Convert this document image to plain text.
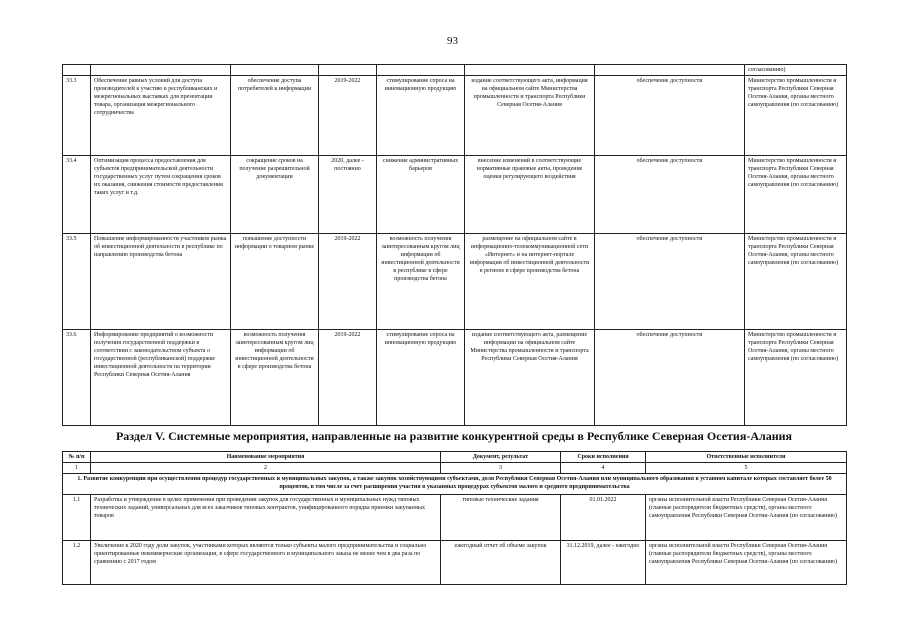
93
							согласованию)
33.3	Обеспечение равных условий для доступа производителей к участию в республиканских и межрегиональных выставках для презентации товара, организация межрегионального сотрудничества	обеспечение доступа потребителей к информации	2019-2022	стимулирование спроса на инновационную продукцию	издание соответствующего акта, информация на официальном сайте Министерства промышленности и транспорта Республики Северная Осетия-Алания	обеспечение доступности	Министерство промышленности и транспорта Республики Северная Осетия-Алания, органы местного самоуправления (по согласованию)
33.4	Оптимизация процесса предоставления для субъектов предпринимательской деятельности государственных услуг путем сокращения сроков их оказания, снижения стоимости предоставления таких услуг и т.д.	сокращение сроков на получение разрешительной документации	2020, далее - постоянно	снижение административных барьеров	внесение изменений в соответствующие нормативные правовые акты, проведение оценки регулирующего воздействия	обеспечение доступности	Министерство промышленности и транспорта Республики Северная Осетия-Алания, органы местного самоуправления (по согласованию)
33.5	Повышение информированности участников рынка об инвестиционной деятельности в республике по направлению производства бетона	повышение доступности информации о товарном рынке	2019-2022	возможность получения заинтересованным кругом лиц информации об инвестиционной деятельности в республике в сфере производства бетона	размещение на официальном сайте в информационно-телекоммуникационной сети «Интернет» и на интернет-портале информации об инвестиционной деятельности в регионе в сфере производства бетона	обеспечение доступности	Министерство промышленности и транспорта Республики Северная Осетия-Алания, органы местного самоуправления (по согласованию)
33.6	Информирование предприятий о возможности получения государственной поддержки в соответствии с законодательством субъекта о государственной (республиканской) поддержке инвестиционной деятельности на территории Республики Северная Осетия-Алания	возможность получения заинтересованным кругом лиц информации об инвестиционной деятельности в сфере производства бетона	2019-2022	стимулирование спроса на инновационную продукцию	издание соответствующего акта, размещение информации на официальном сайте Министерства промышленности и транспорта Республики Северная Осетия-Алания	обеспечение доступности	Министерство промышленности и транспорта Республики Северная Осетия-Алания, органы местного самоуправления (по согласованию)
Раздел V. Системные мероприятия, направленные на развитие конкурентной среды в Республике Северная Осетия-Алания
№ п/п	Наименование мероприятия	Документ, результат	Сроки исполнения	Ответственные исполнители
1	2	3	4	5
1. Развитие конкуренции при осуществлении процедур государственных и муниципальных закупок, а также закупок хозяйствующими субъектами, доля Республики Северная Осетия-Алания или муниципального образования в уставном капитале которых составляет более 50 процентов, в том числе за счет расширения участия в указанных процедурах субъектов малого и среднего предпринимательства				
1.1	Разработка и утверждение в целях применения при проведении закупок для государственных и муниципальных нужд типовых технических заданий, универсальных для всех заказчиков типовых контрактов, унифицированного порядка приемки закупаемых товаров	типовые технические задания	01.01.2022	органы исполнительной власти Республики Северная Осетия-Алания (главные распорядители бюджетных средств), органы местного самоуправления Республики Северная Осетия-Алания (по согласованию)
1.2	Увеличение к 2020 году доли закупок, участниками которых являются только субъекты малого предпринимательства и социально ориентированные некоммерческие организации, в сфере государственного и муниципального заказа не менее чем в два раза по сравнению с 2017 годом	ежегодный отчет об объеме закупок	31.12.2019, далее - ежегодно	органы исполнительной власти Республики Северная Осетия-Алания (главные распорядители бюджетных средств), органы местного самоуправления Республики Северная Осетия-Алания (по согласованию)
